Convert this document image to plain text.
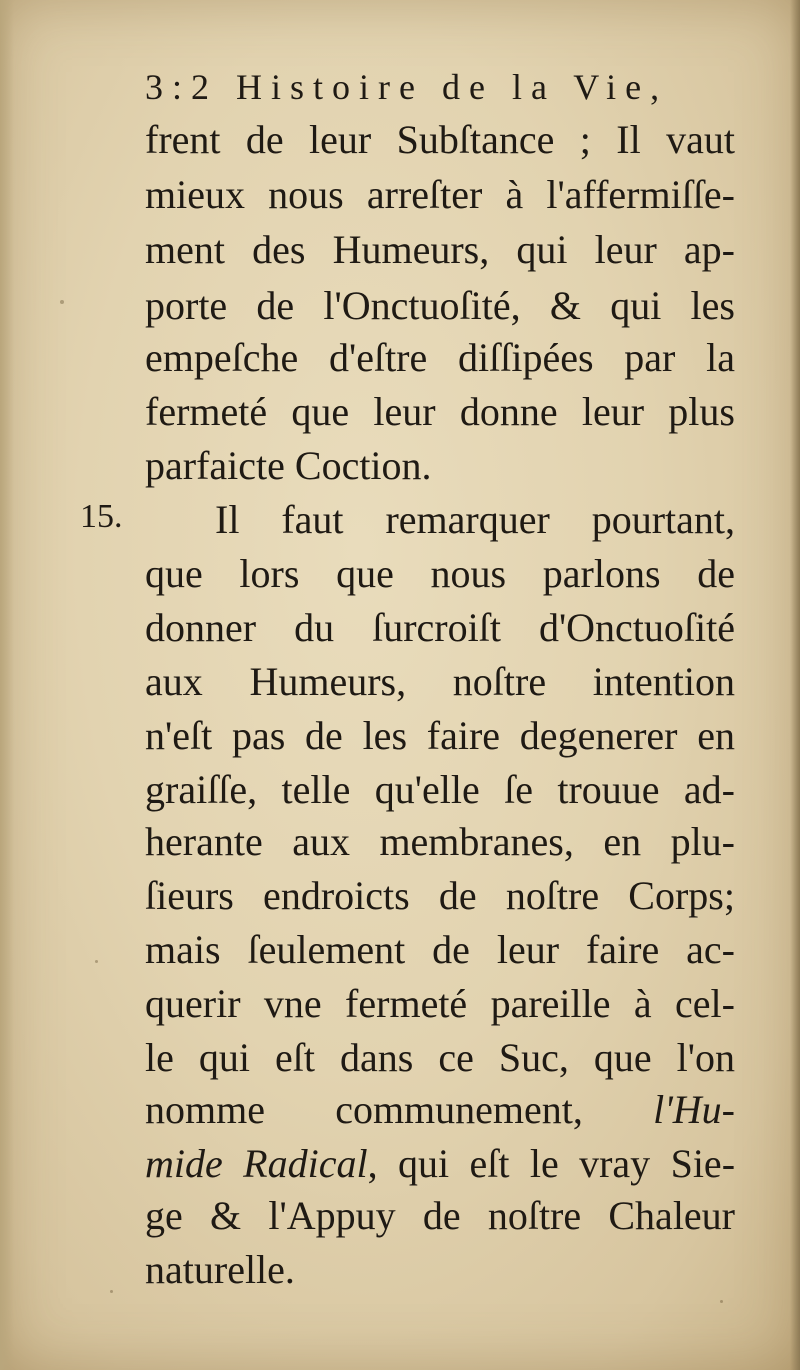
3:2 Histoire de la Vie,
frent de leur Subſtance ; Il vaut
mieux nous arreſter à l'affermiſſe-
ment des Humeurs, qui leur ap-
porte de l'Onctuoſité, & qui les
empeſche d'eſtre diſſipées par la
fermeté que leur donne leur plus
parfaicte Coction.
15. Il faut remarquer pourtant,
que lors que nous parlons de
donner du ſurcroiſt d'Onctuoſité
aux Humeurs, noſtre intention
n'eſt pas de les faire degenerer en
graiſſe, telle qu'elle ſe trouue ad-
herante aux membranes, en plu-
ſieurs endroicts de noſtre Corps;
mais ſeulement de leur faire ac-
querir vne fermeté pareille à cel-
le qui eſt dans ce Suc, que l'on
nomme communement, l'Hu-
mide Radical, qui eſt le vray Sie-
ge & l'Appuy de noſtre Chaleur
naturelle.
